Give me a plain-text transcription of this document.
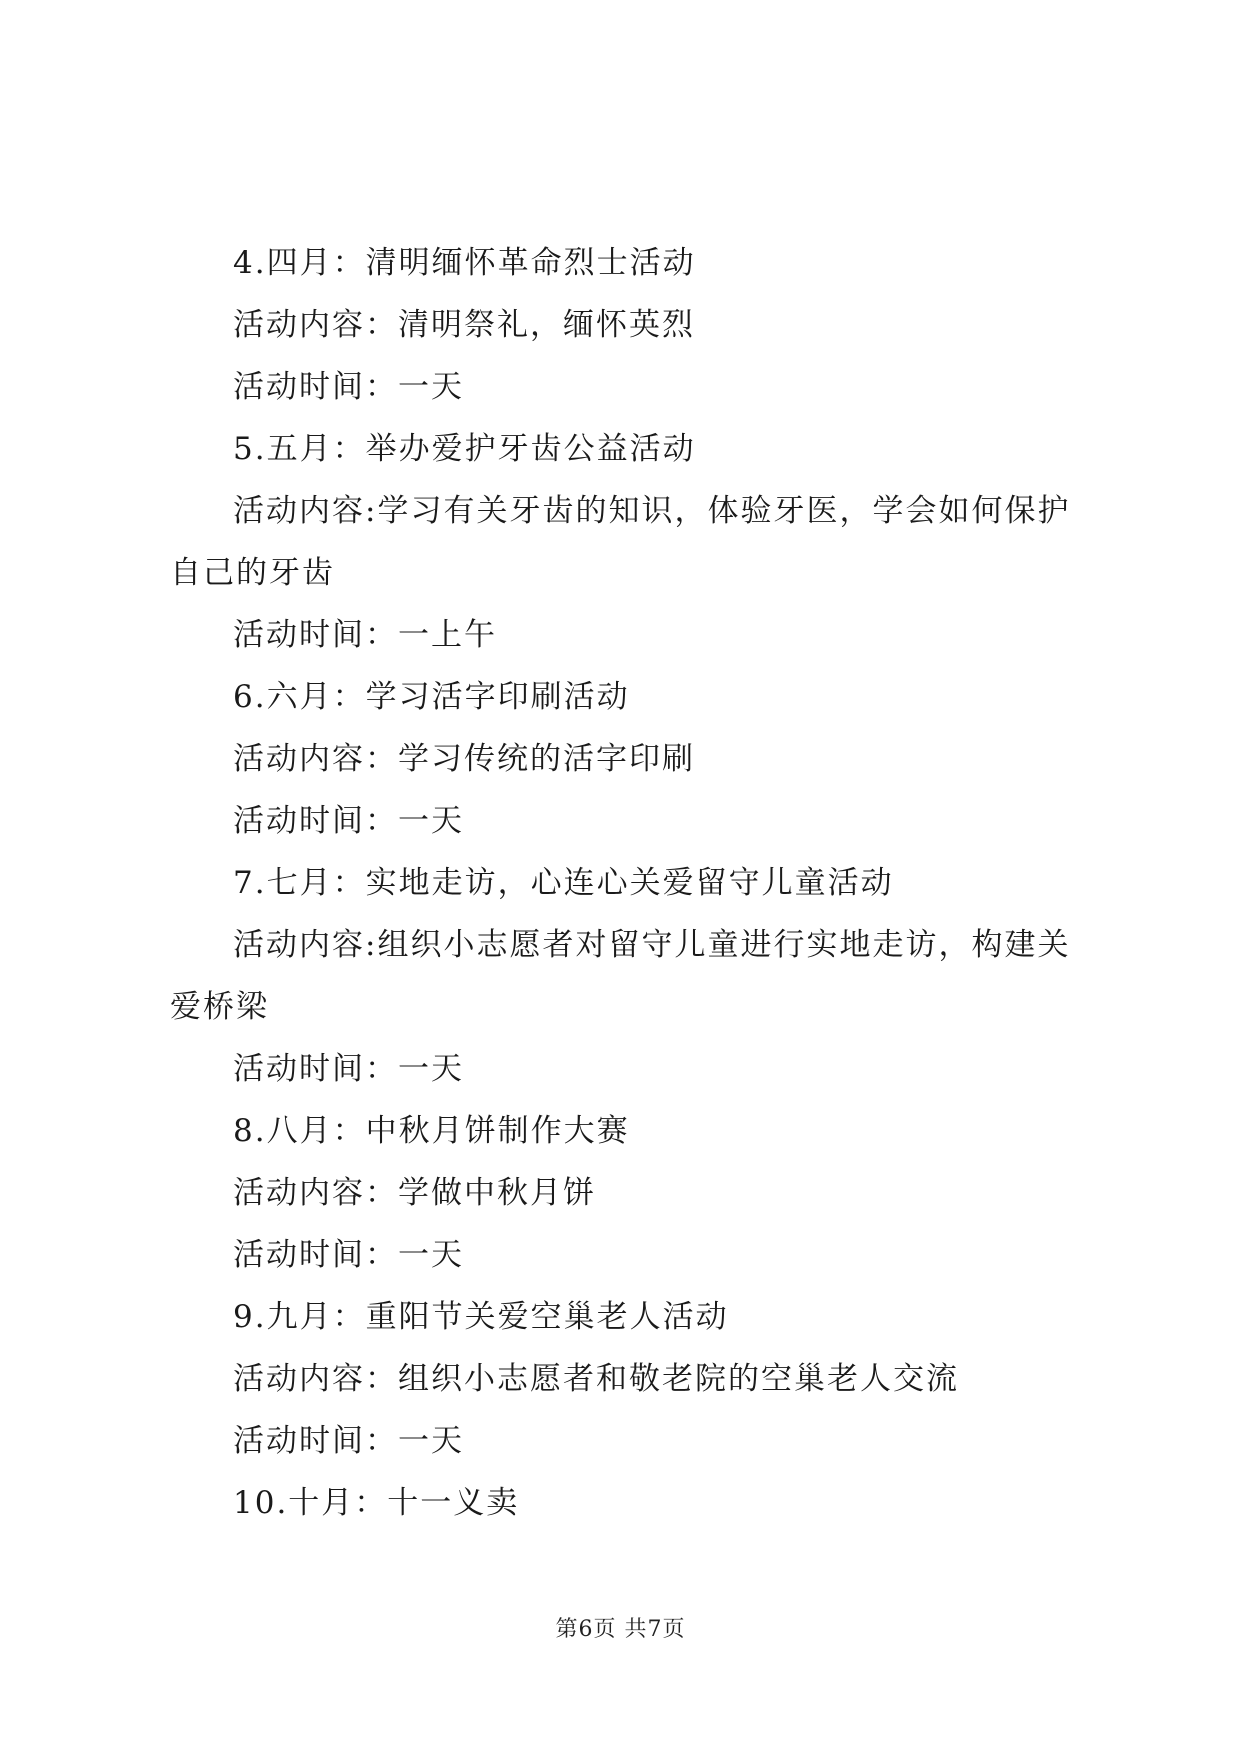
4.四月：清明缅怀革命烈士活动

活动内容：清明祭礼，缅怀英烈

活动时间：一天

5.五月：举办爱护牙齿公益活动

活动内容:学习有关牙齿的知识，体验牙医，学会如何保护自己的牙齿

活动时间：一上午

6.六月：学习活字印刷活动

活动内容：学习传统的活字印刷

活动时间：一天

7.七月：实地走访，心连心关爱留守儿童活动

活动内容:组织小志愿者对留守儿童进行实地走访，构建关爱桥梁

活动时间：一天

8.八月：中秋月饼制作大赛

活动内容：学做中秋月饼

活动时间：一天

9.九月：重阳节关爱空巢老人活动

活动内容：组织小志愿者和敬老院的空巢老人交流

活动时间：一天

10.十月：十一义卖

第6页 共7页
